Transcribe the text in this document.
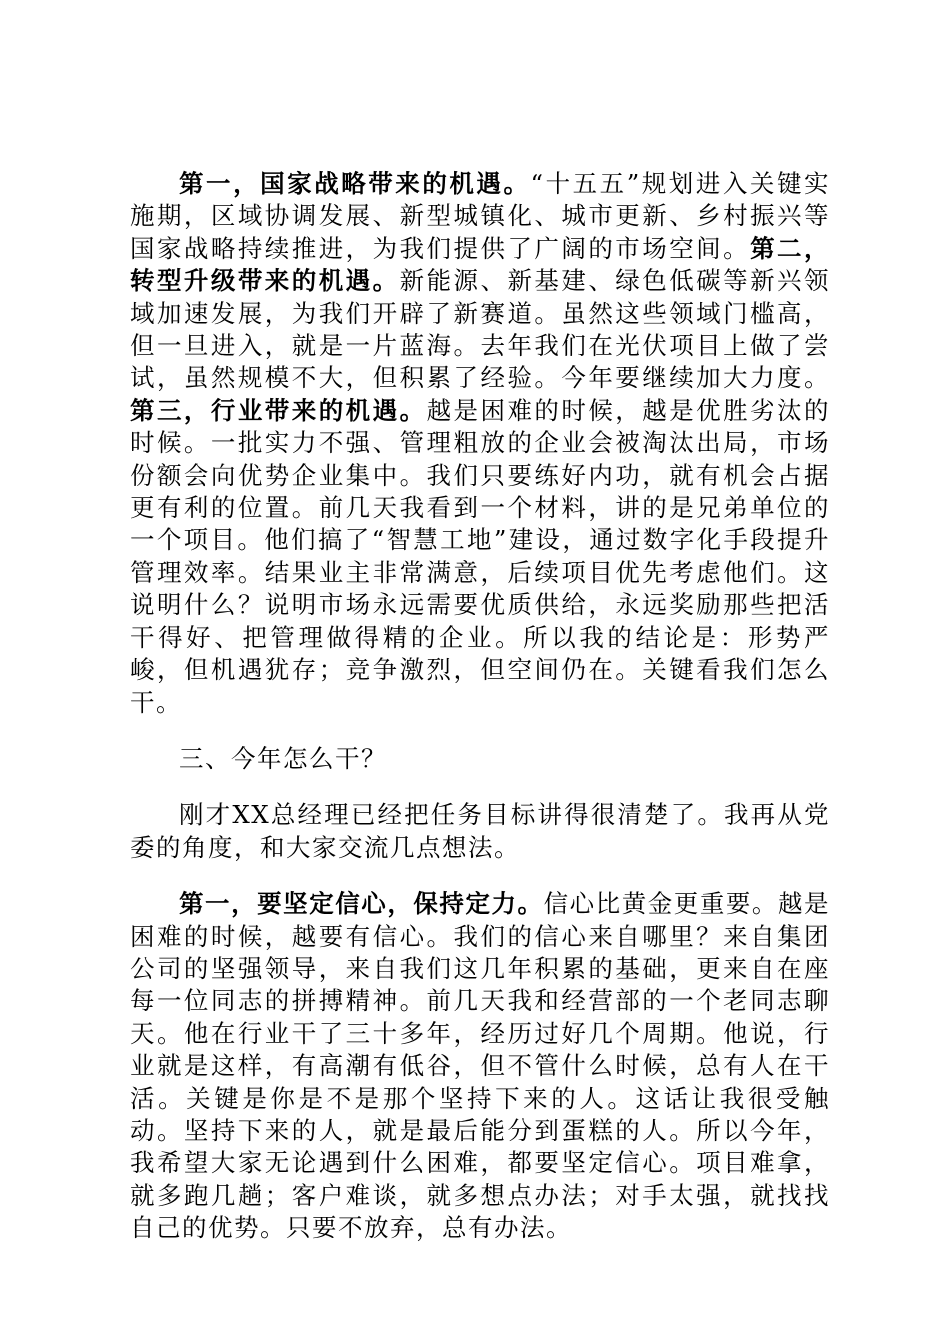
第一，国家战略带来的机遇。“十五五”规划进入关键实施期，区域协调发展、新型城镇化、城市更新、乡村振兴等国家战略持续推进，为我们提供了广阔的市场空间。第二，转型升级带来的机遇。新能源、新基建、绿色低碳等新兴领域加速发展，为我们开辟了新赛道。虽然这些领域门槛高，但一旦进入，就是一片蓝海。去年我们在光伏项目上做了尝试，虽然规模不大，但积累了经验。今年要继续加大力度。第三，行业带来的机遇。越是困难的时候，越是优胜劣汰的时候。一批实力不强、管理粗放的企业会被淘汰出局，市场份额会向优势企业集中。我们只要练好内功，就有机会占据更有利的位置。前几天我看到一个材料，讲的是兄弟单位的一个项目。他们搞了“智慧工地”建设，通过数字化手段提升管理效率。结果业主非常满意，后续项目优先考虑他们。这说明什么？说明市场永远需要优质供给，永远奖励那些把活干得好、把管理做得精的企业。所以我的结论是：形势严峻，但机遇犹存；竞争激烈，但空间仍在。关键看我们怎么干。

三、今年怎么干？

刚才XX总经理已经把任务目标讲得很清楚了。我再从党委的角度，和大家交流几点想法。

第一，要坚定信心，保持定力。信心比黄金更重要。越是困难的时候，越要有信心。我们的信心来自哪里？来自集团公司的坚强领导，来自我们这几年积累的基础，更来自在座每一位同志的拼搏精神。前几天我和经营部的一个老同志聊天。他在行业干了三十多年，经历过好几个周期。他说，行业就是这样，有高潮有低谷，但不管什么时候，总有人在干活。关键是你是不是那个坚持下来的人。这话让我很受触动。坚持下来的人，就是最后能分到蛋糕的人。所以今年，我希望大家无论遇到什么困难，都要坚定信心。项目难拿，就多跑几趟；客户难谈，就多想点办法；对手太强，就找找自己的优势。只要不放弃，总有办法。
